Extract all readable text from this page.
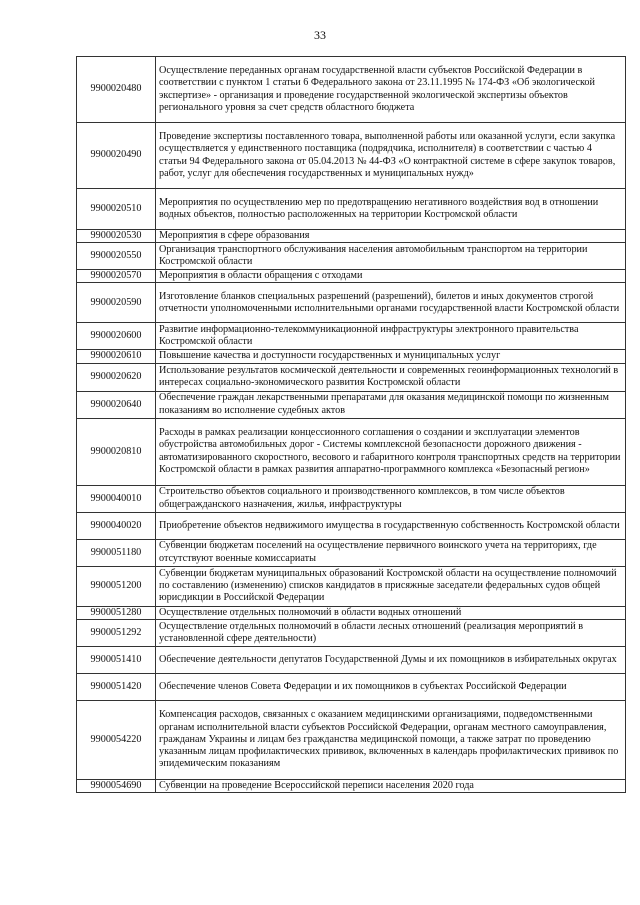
33
9900020480	Осуществление переданных органам государственной власти субъектов Российской Федерации в соответствии с пунктом 1 статьи 6 Федерального закона от 23.11.1995 № 174-ФЗ «Об экологической экспертизе» - организация и проведение государственной экологической экспертизы объектов регионального уровня за счет средств областного бюджета
9900020490	Проведение экспертизы поставленного товара, выполненной работы или оказанной услуги, если закупка осуществляется у единственного поставщика (подрядчика, исполнителя) в соответствии с частью 4 статьи 94 Федерального закона от 05.04.2013 № 44-ФЗ «О контрактной системе в сфере закупок товаров, работ, услуг для обеспечения государственных и муниципальных нужд»
9900020510	Мероприятия по осуществлению мер по предотвращению негативного воздействия вод в отношении водных объектов, полностью расположенных на территории Костромской области
9900020530	Мероприятия в сфере образования
9900020550	Организация транспортного обслуживания населения автомобильным транспортом на территории Костромской области
9900020570	Мероприятия в области обращения с отходами
9900020590	Изготовление бланков специальных разрешений (разрешений), билетов и иных документов строгой отчетности уполномоченными исполнительными органами государственной власти Костромской области
9900020600	Развитие информационно-телекоммуникационной инфраструктуры электронного правительства Костромской области
9900020610	Повышение качества и доступности государственных и муниципальных услуг
9900020620	Использование результатов космической деятельности и современных геоинформационных технологий в интересах социально-экономического развития Костромской области
9900020640	Обеспечение граждан лекарственными препаратами для оказания медицинской помощи по жизненным показаниям во исполнение судебных актов
9900020810	Расходы в рамках реализации концессионного соглашения о создании и эксплуатации элементов обустройства автомобильных дорог - Системы комплексной безопасности дорожного движения - автоматизированного скоростного, весового и габаритного контроля транспортных средств на территории Костромской области в рамках развития аппаратно-программного комплекса «Безопасный регион»
9900040010	Строительство объектов социального и производственного комплексов, в том числе объектов общегражданского назначения, жилья, инфраструктуры
9900040020	Приобретение объектов недвижимого имущества в государственную собственность Костромской области
9900051180	Субвенции бюджетам поселений на осуществление первичного воинского учета на территориях, где отсутствуют военные комиссариаты
9900051200	Субвенции бюджетам муниципальных образований Костромской области на осуществление полномочий по составлению (изменению) списков кандидатов в присяжные заседатели федеральных судов общей юрисдикции в Российской Федерации
9900051280	Осуществление отдельных полномочий в области водных отношений
9900051292	Осуществление отдельных полномочий в области лесных отношений (реализация мероприятий в установленной сфере деятельности)
9900051410	Обеспечение деятельности депутатов Государственной Думы и их помощников в избирательных округах
9900051420	Обеспечение членов Совета Федерации и их помощников в субъектах Российской Федерации
9900054220	Компенсация расходов, связанных с оказанием медицинскими организациями, подведомственными органам исполнительной власти субъектов Российской Федерации, органам местного самоуправления, гражданам Украины и лицам без гражданства медицинской помощи, а также затрат по проведению указанным лицам профилактических прививок, включенных в календарь профилактических прививок по эпидемическим показаниям
9900054690	Субвенции на проведение Всероссийской переписи населения 2020 года
